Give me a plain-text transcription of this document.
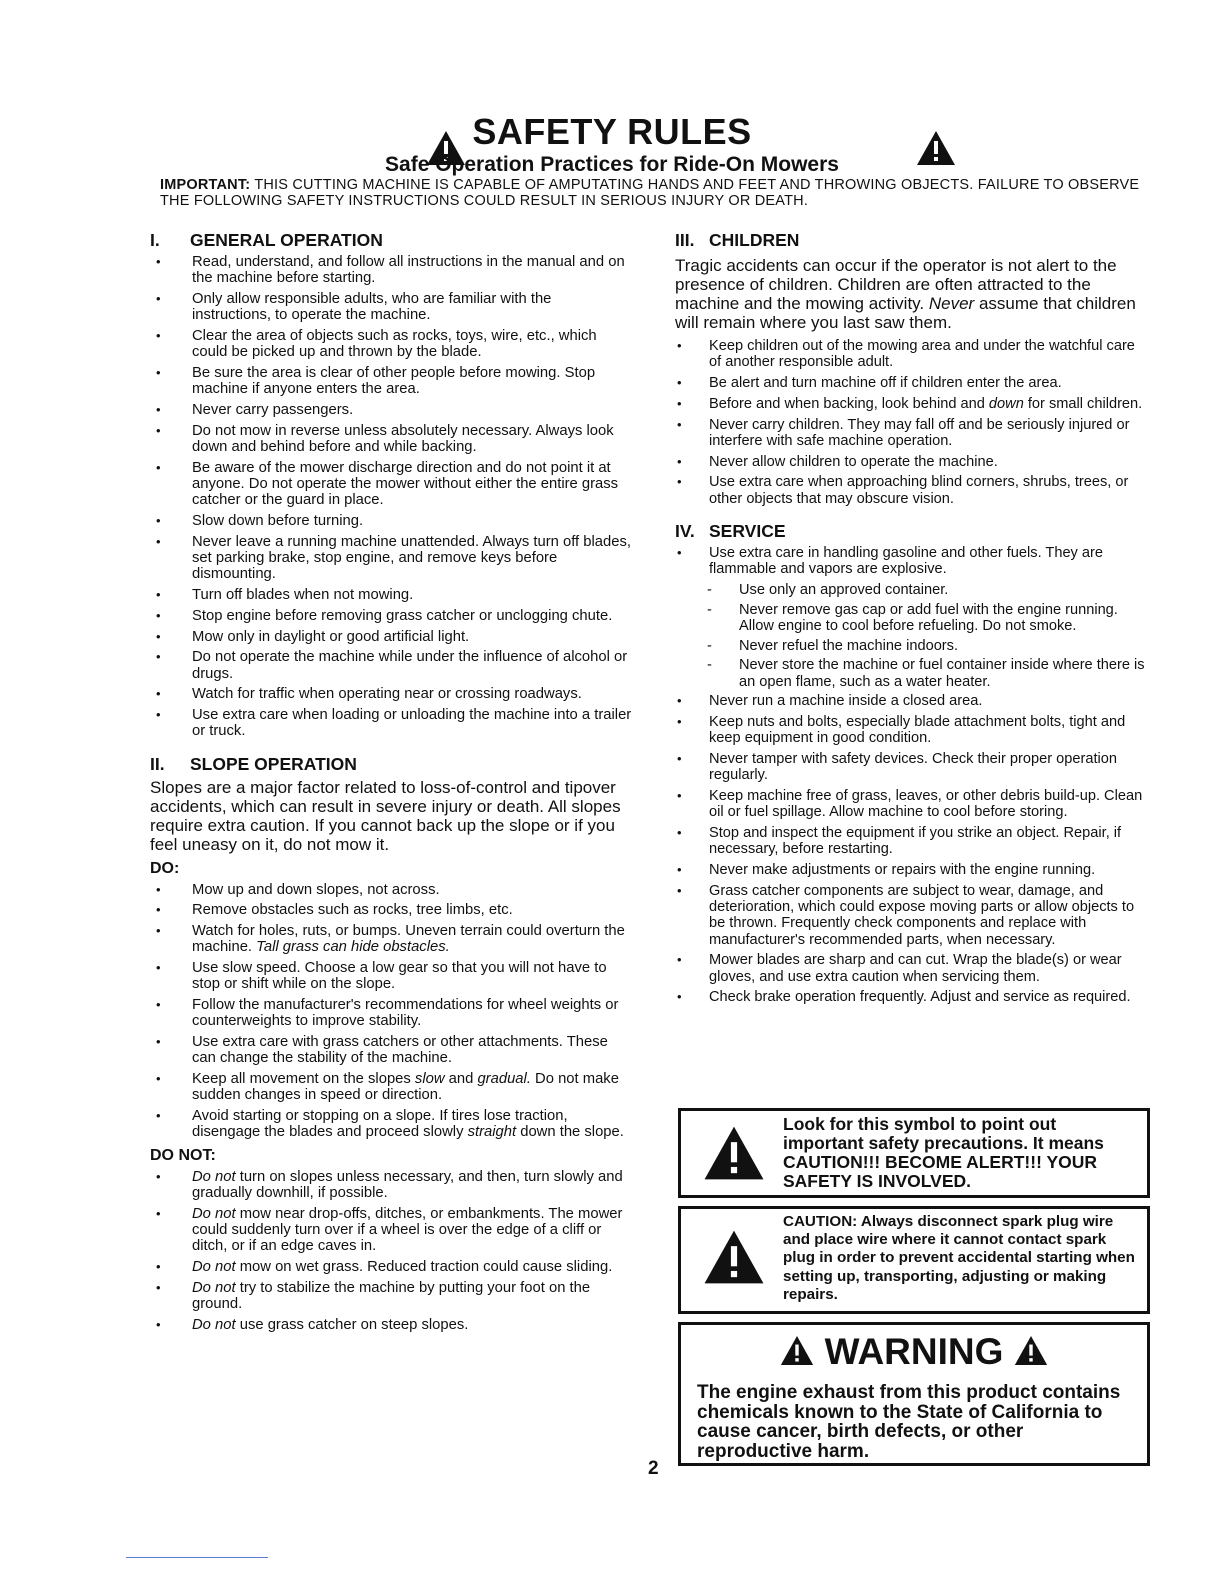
SAFETY RULES
Safe Operation Practices for Ride-On Mowers
IMPORTANT: THIS CUTTING MACHINE IS CAPABLE OF AMPUTATING HANDS AND FEET AND THROWING OBJECTS. FAILURE TO OBSERVE THE FOLLOWING SAFETY INSTRUCTIONS COULD RESULT IN SERIOUS INJURY OR DEATH.
I.	GENERAL OPERATION
• Read, understand, and follow all instructions in the manual and on the machine before starting.
• Only allow responsible adults, who are familiar with the instructions, to operate the machine.
• Clear the area of objects such as rocks, toys, wire, etc., which could be picked up and thrown by the blade.
• Be sure the area is clear of other people before mowing. Stop machine if anyone enters the area.
• Never carry passengers.
• Do not mow in reverse unless absolutely necessary. Always look down and behind before and while backing.
• Be aware of the mower discharge direction and do not point it at anyone. Do not operate the mower without either the entire grass catcher or the guard in place.
• Slow down before turning.
• Never leave a running machine unattended. Always turn off blades, set parking brake, stop engine, and remove keys before dismounting.
• Turn off blades when not mowing.
• Stop engine before removing grass catcher or unclogging chute.
• Mow only in daylight or good artificial light.
• Do not operate the machine while under the influence of alcohol or drugs.
• Watch for traffic when operating near or crossing roadways.
• Use extra care when loading or unloading the machine into a trailer or truck.
II.	SLOPE OPERATION
Slopes are a major factor related to loss-of-control and tipover accidents, which can result in severe injury or death. All slopes require extra caution. If you cannot back up the slope or if you feel uneasy on it, do not mow it.
DO:
• Mow up and down slopes, not across.
• Remove obstacles such as rocks, tree limbs, etc.
• Watch for holes, ruts, or bumps. Uneven terrain could overturn the machine. Tall grass can hide obstacles.
• Use slow speed. Choose a low gear so that you will not have to stop or shift while on the slope.
• Follow the manufacturer's recommendations for wheel weights or counterweights to improve stability.
• Use extra care with grass catchers or other attachments. These can change the stability of the machine.
• Keep all movement on the slopes slow and gradual. Do not make sudden changes in speed or direction.
• Avoid starting or stopping on a slope. If tires lose traction, disengage the blades and proceed slowly straight down the slope.
DO NOT:
• Do not turn on slopes unless necessary, and then, turn slowly and gradually downhill, if possible.
• Do not mow near drop-offs, ditches, or embankments. The mower could suddenly turn over if a wheel is over the edge of a cliff or ditch, or if an edge caves in.
• Do not mow on wet grass. Reduced traction could cause sliding.
• Do not try to stabilize the machine by putting your foot on the ground.
• Do not use grass catcher on steep slopes.
III. CHILDREN
Tragic accidents can occur if the operator is not alert to the presence of children. Children are often attracted to the machine and the mowing activity. Never assume that children will remain where you last saw them.
• Keep children out of the mowing area and under the watchful care of another responsible adult.
• Be alert and turn machine off if children enter the area.
• Before and when backing, look behind and down for small children.
• Never carry children. They may fall off and be seriously injured or interfere with safe machine operation.
• Never allow children to operate the machine.
• Use extra care when approaching blind corners, shrubs, trees, or other objects that may obscure vision.
IV. SERVICE
• Use extra care in handling gasoline and other fuels. They are flammable and vapors are explosive.
- Use only an approved container.
- Never remove gas cap or add fuel with the engine running. Allow engine to cool before refueling. Do not smoke.
- Never refuel the machine indoors.
- Never store the machine or fuel container inside where there is an open flame, such as a water heater.
• Never run a machine inside a closed area.
• Keep nuts and bolts, especially blade attachment bolts, tight and keep equipment in good condition.
• Never tamper with safety devices. Check their proper operation regularly.
• Keep machine free of grass, leaves, or other debris build-up. Clean oil or fuel spillage. Allow machine to cool before storing.
• Stop and inspect the equipment if you strike an object. Repair, if necessary, before restarting.
• Never make adjustments or repairs with the engine running.
• Grass catcher components are subject to wear, damage, and deterioration, which could expose moving parts or allow objects to be thrown. Frequently check components and replace with manufacturer's recommended parts, when necessary.
• Mower blades are sharp and can cut. Wrap the blade(s) or wear gloves, and use extra caution when servicing them.
• Check brake operation frequently. Adjust and service as required.
Look for this symbol to point out important safety precautions. It means CAUTION!!! BECOME ALERT!!! YOUR SAFETY IS INVOLVED.
CAUTION: Always disconnect spark plug wire and place wire where it cannot contact spark plug in order to prevent accidental starting when setting up, transporting, adjusting or making repairs.
WARNING
The engine exhaust from this product contains chemicals known to the State of California to cause cancer, birth defects, or other reproductive harm.
2
